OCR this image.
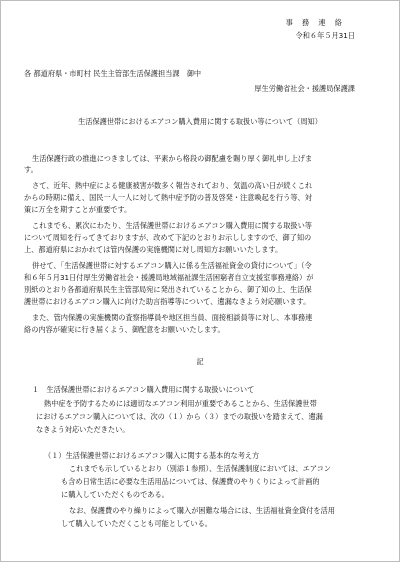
事　務　連　絡
令和６年５月31日
各 都道府県・市町村 民生主管部生活保護担当課　御中
厚生労働省社会・援護局保護課
生活保護世帯におけるエアコン購入費用に関する取扱い等について（周知）
生活保護行政の推進につきましては、平素から格段の御配慮を賜り厚く御礼申し上げま
す。
さて、近年、熱中症による健康被害が数多く報告されており、気温の高い日が続くこれ
からの時期に備え、国民一人一人に対して熱中症予防の普及啓発・注意喚起を行う等、対
策に万全を期すことが重要です。
これまでも、累次にわたり、生活保護世帯におけるエアコン購入費用に関する取扱い等
について周知を行ってきておりますが、改めて下記のとおりお示ししますので、御了知の
上、都道府県におかれては管内保護の実施機関に対し周知方お願いいたします。
併せて、「生活保護世帯に対するエアコン購入に係る生活福祉資金の貸付について」（令
和６年５月31日付厚生労働省社会・援護局地域福祉課生活困窮者自立支援室事務連絡）が
別紙のとおり各都道府県民生主管部局宛に発出されていることから、御了知の上、生活保
護世帯におけるエアコン購入に向けた助言指導等について、遺漏なきよう対応願います。
また、管内保護の実施機関の査察指導員や地区担当員、面接相談員等に対し、本事務連
絡の内容が確実に行き届くよう、御配意をお願いいたします。
記
１　生活保護世帯におけるエアコン購入費用に関する取扱いについて
熱中症を予防するためには適切なエアコン利用が重要であることから、生活保護世帯
におけるエアコン購入については、次の（１）から（３）までの取扱いを踏まえて、遺漏
なきよう対応いただきたい。
（１）生活保護世帯におけるエアコン購入に関する基本的な考え方
これまでも示しているとおり（別添１参照）、生活保護制度においては、エアコン
も含め日常生活に必要な生活用品については、保護費のやりくりによって計画的
に購入していただくものである。
なお、保護費のやり繰りによって購入が困難な場合には、生活福祉資金貸付を活用
して購入していただくことも可能としている。
